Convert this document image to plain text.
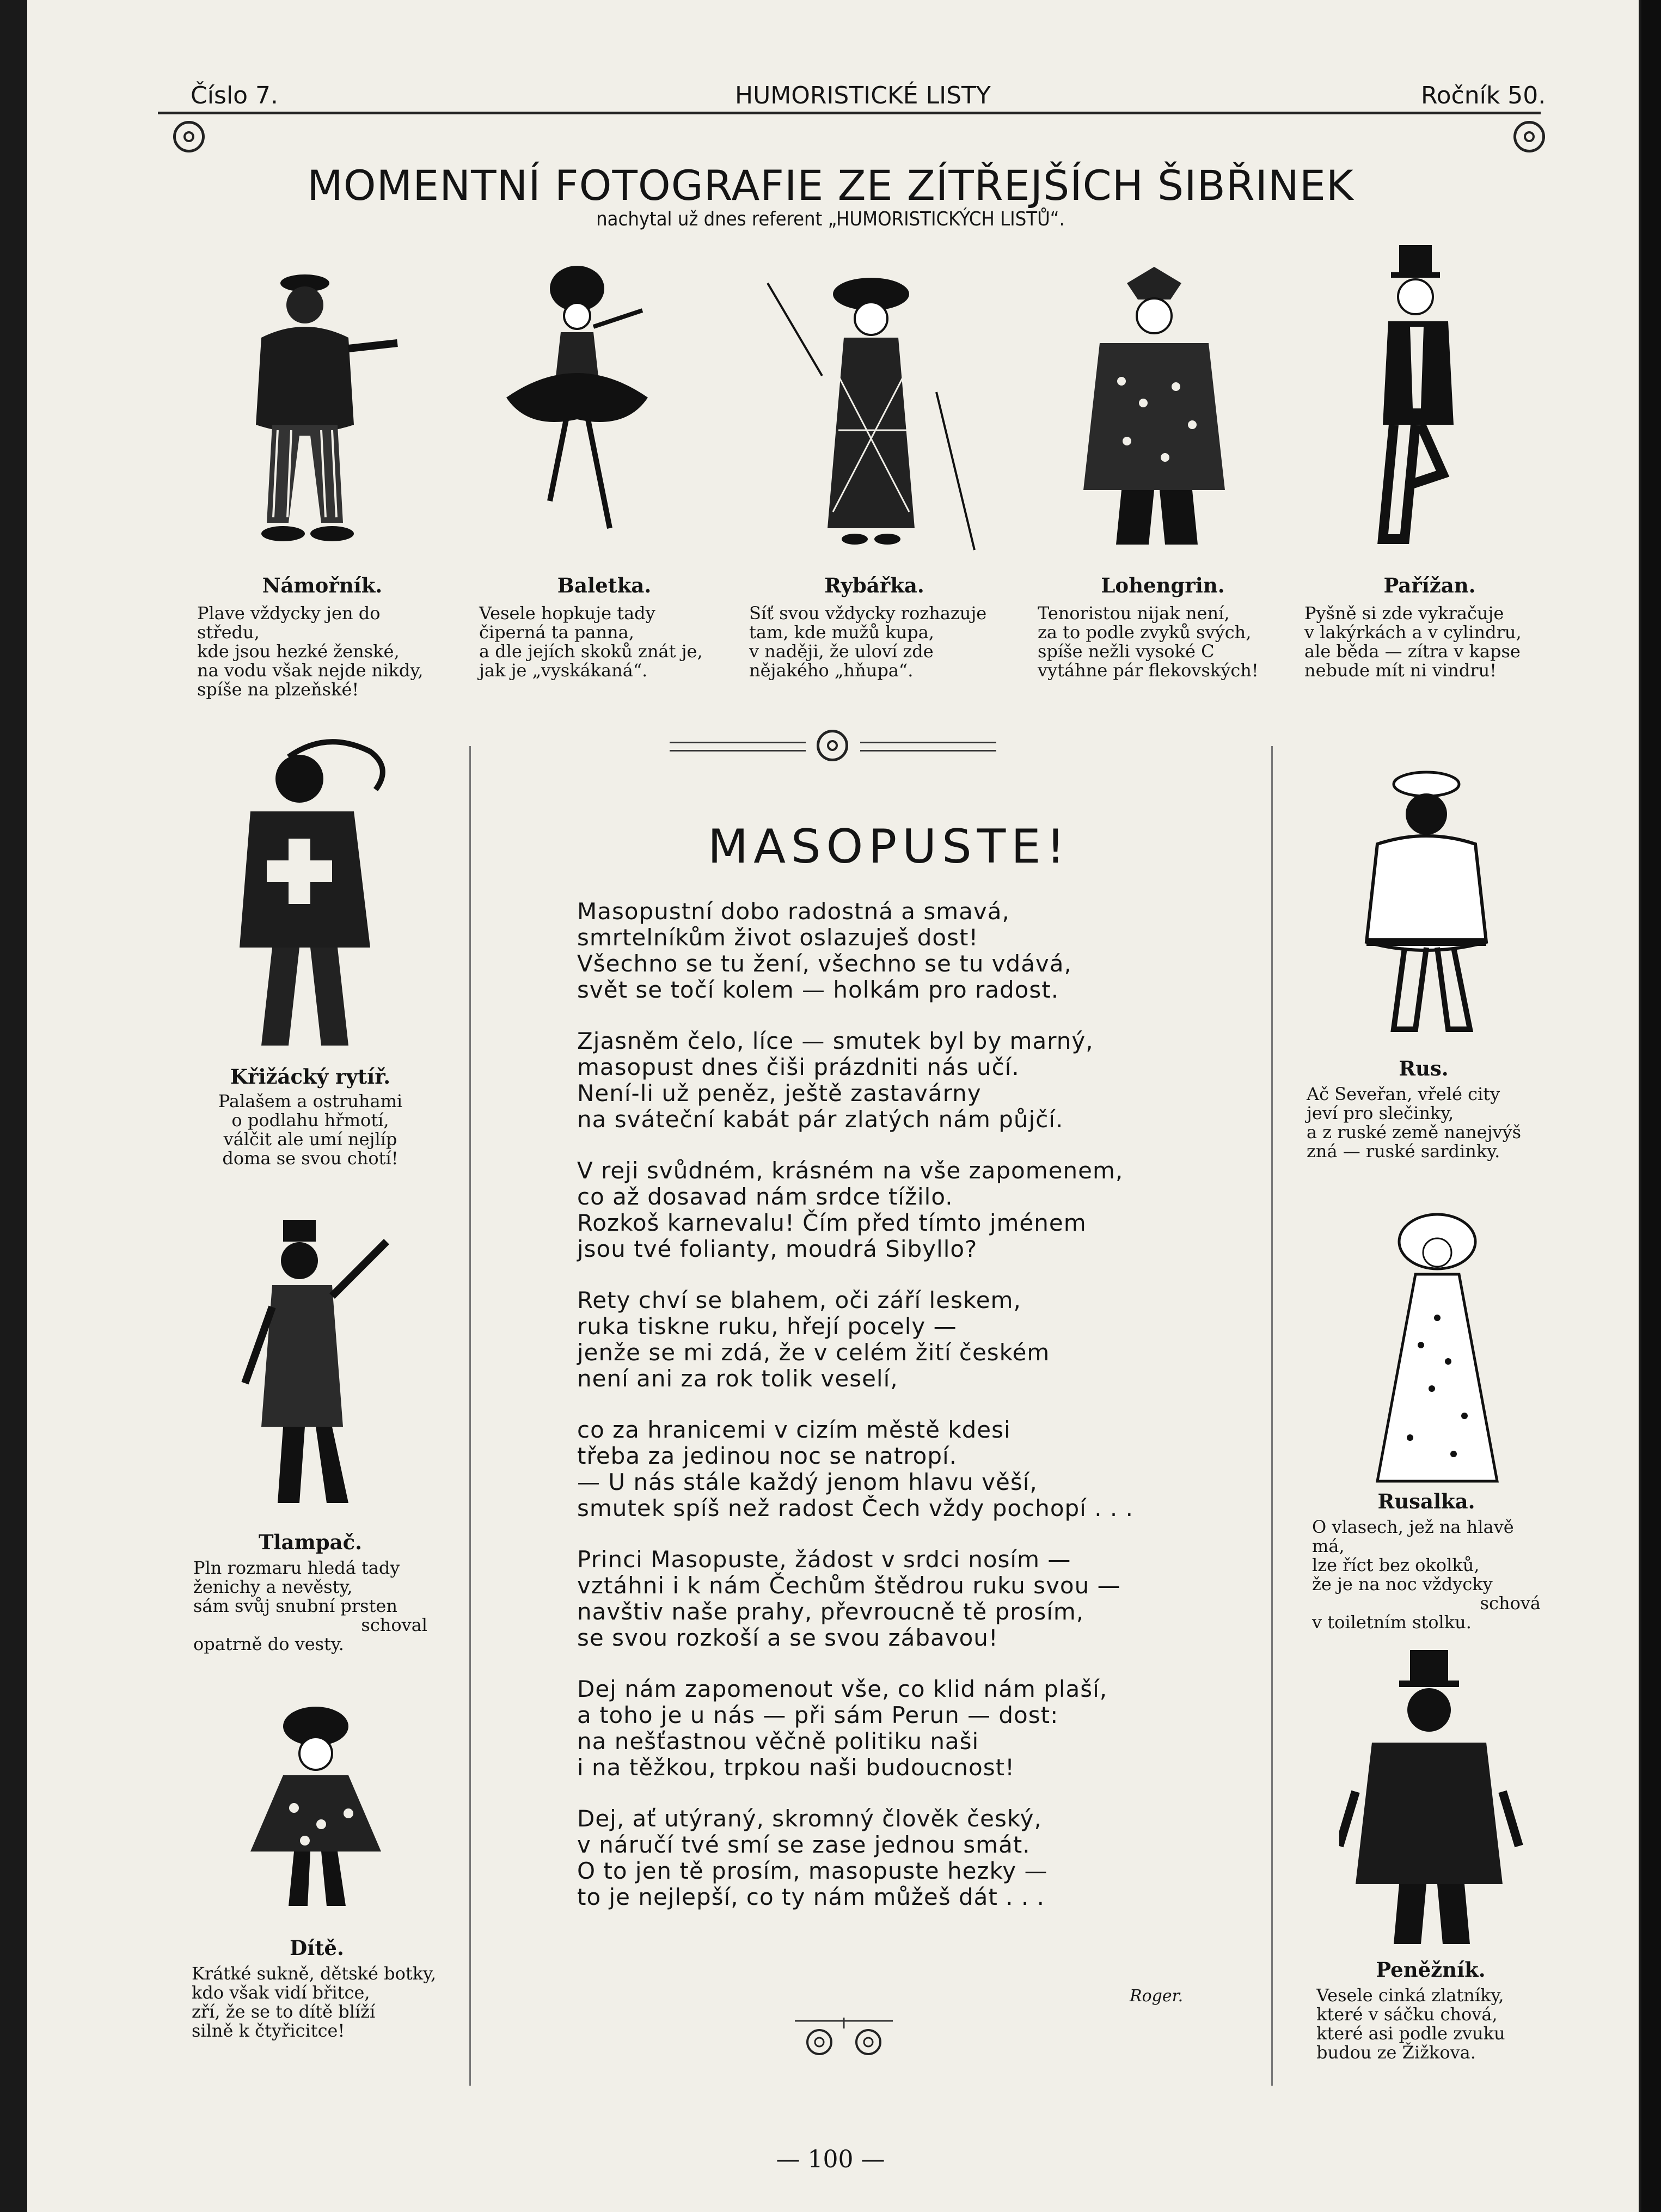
Číslo 7.	HUMORISTICKÉ LISTY	Ročník 50.
MOMENTNÍ FOTOGRAFIE ZE ZÍTŘEJŠÍCH ŠIBŘINEK
nachytal už dnes referent „HUMORISTICKÝCH LISTŮ“.
Námořník.
Plave vždycky jen do středu,
kde jsou hezké ženské,
na vodu však nejde nikdy,
spíše na plzeňské!
Baletka.
Vesele hopkuje tady
čiperná ta panna,
a dle jejích skoků znát je,
jak je „vyskákaná“.
Rybářka.
Síť svou vždycky rozhazuje
tam, kde mužů kupa,
v naději, že uloví zde
nějakého „hňupa“.
Lohengrin.
Tenoristou nijak není,
za to podle zvyků svých,
spíše nežli vysoké C
vytáhne pár flekovských!
Pařížan.
Pyšně si zde vykračuje
v lakýrkách a v cylindru,
ale běda — zítra v kapse
nebude mít ni vindru!
Křižácký rytíř.
Palašem a ostruhami
o podlahu hřmotí,
válčit ale umí nejlíp
doma se svou chotí!
Tlampač.
Pln rozmaru hledá tady
ženichy a nevěsty,
sám svůj snubní prsten
schoval
opatrně do vesty.
Dítě.
Krátké sukně, dětské botky,
kdo však vidí břitce,
zří, že se to dítě blíží
silně k čtyřicitce!
Rus.
Ač Seveřan, vřelé city
jeví pro slečinky,
a z ruské země nanejvýš
zná — ruské sardinky.
Rusalka.
O vlasech, jež na hlavě má,
lze říct bez okolků,
že je na noc vždycky
schová
v toiletním stolku.
Peněžník.
Vesele cinká zlatníky,
které v sáčku chová,
které asi podle zvuku
budou ze Žižkova.
MASOPUSTE!
Masopustní dobo radostná a smavá,
smrtelníkům život oslazuješ dost!
Všechno se tu žení, všechno se tu vdává,
svět se točí kolem — holkám pro radost.
Zjasněm čelo, líce — smutek byl by marný,
masopust dnes čiši prázdniti nás učí.
Není-li už peněz, ještě zastavárny
na sváteční kabát pár zlatých nám půjčí.
V reji svůdném, krásném na vše zapomenem,
co až dosavad nám srdce tížilo.
Rozkoš karnevalu! Čím před tímto jménem
jsou tvé folianty, moudrá Sibyllo?
Rety chví se blahem, oči září leskem,
ruka tiskne ruku, hřejí pocely —
jenže se mi zdá, že v celém žití českém
není ani za rok tolik veselí,
co za hranicemi v cizím městě kdesi
třeba za jedinou noc se natropí.
— U nás stále každý jenom hlavu věší,
smutek spíš než radost Čech vždy pochopí . . .
Princi Masopuste, žádost v srdci nosím —
vztáhni i k nám Čechům štědrou ruku svou —
navštiv naše prahy, převroucně tě prosím,
se svou rozkoší a se svou zábavou!
Dej nám zapomenout vše, co klid nám plaší,
a toho je u nás — při sám Perun — dost:
na nešťastnou věčně politiku naši
i na těžkou, trpkou naši budoucnost!
Dej, ať utýraný, skromný člověk český,
v náručí tvé smí se zase jednou smát.
O to jen tě prosím, masopuste hezky —
to je nejlepší, co ty nám můžeš dát . . .
Roger.
— 100 —
